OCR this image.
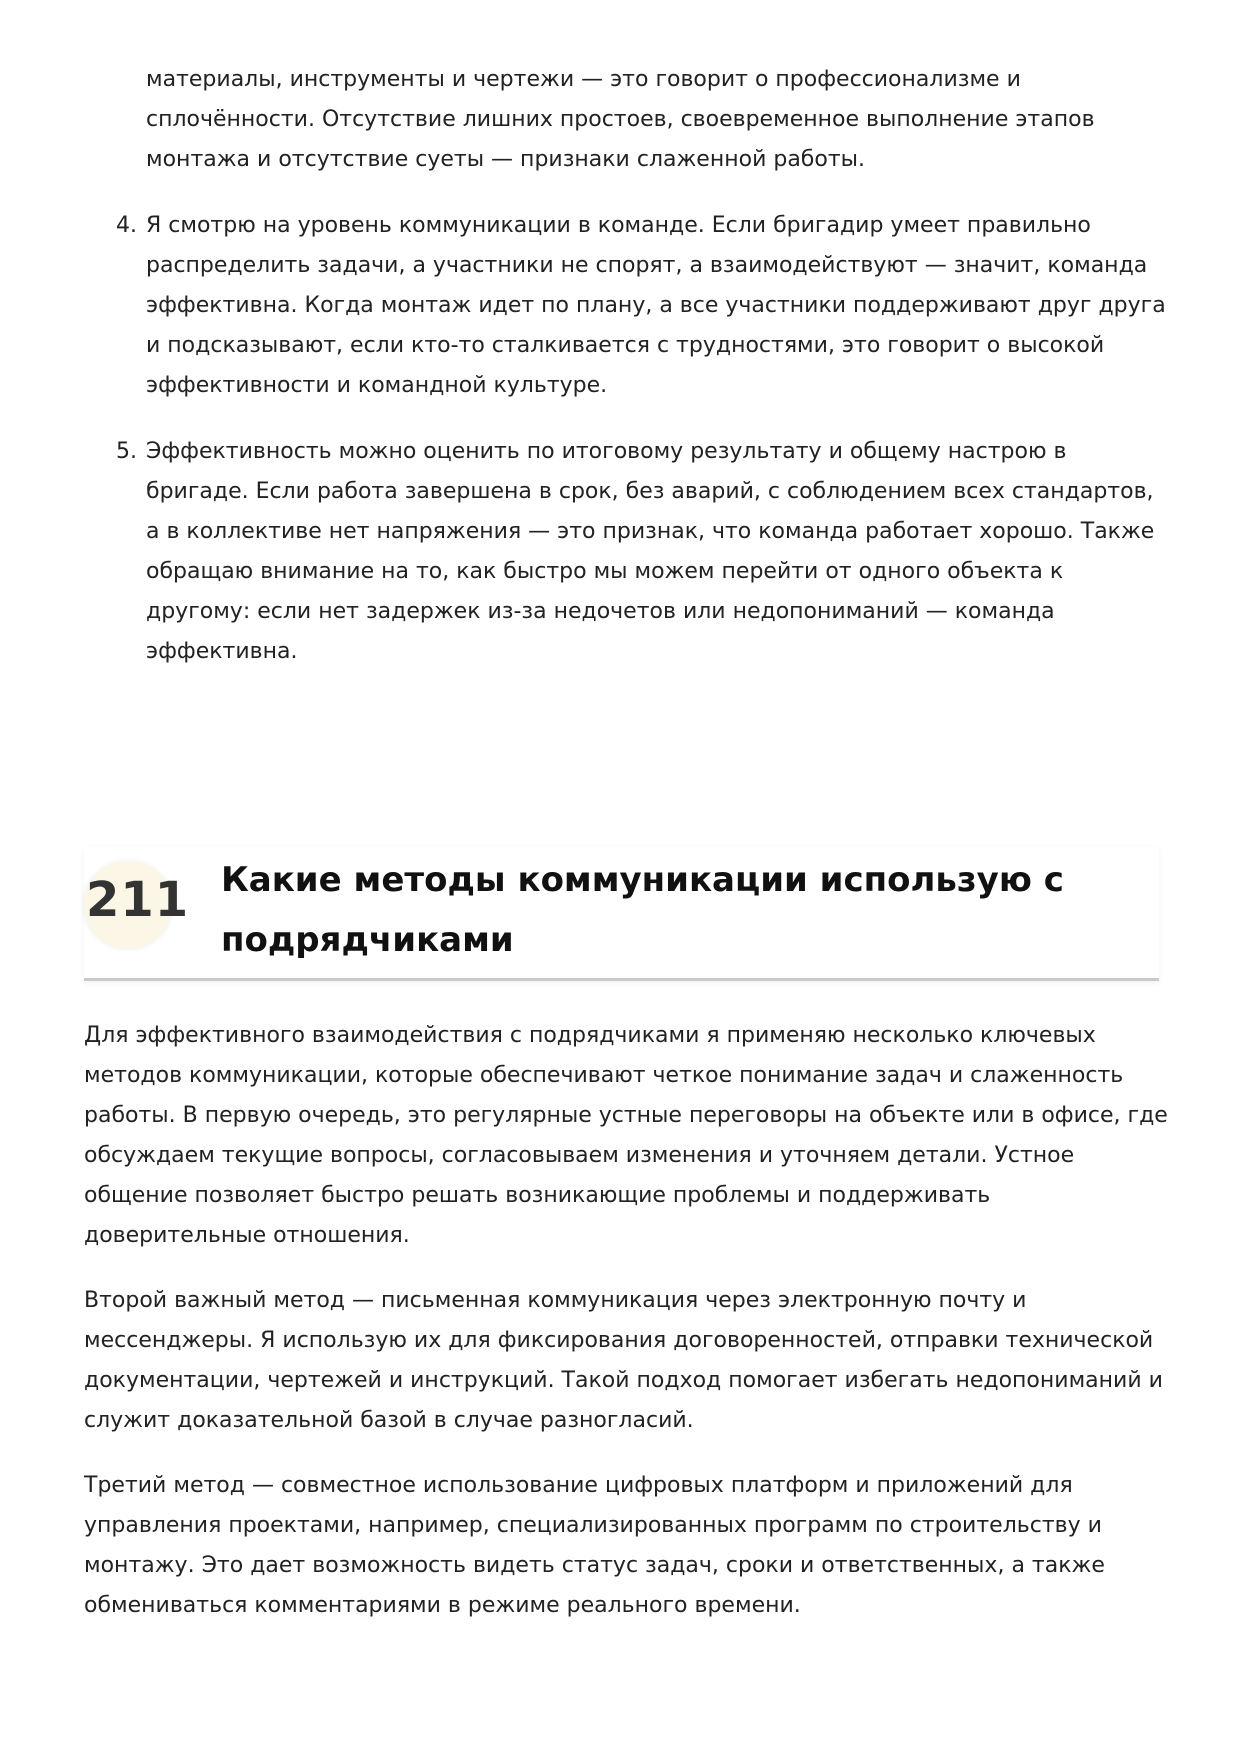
материалы, инструменты и чертежи — это говорит о профессионализме и сплочённости. Отсутствие лишних простоев, своевременное выполнение этапов монтажа и отсутствие суеты — признаки слаженной работы.
4. Я смотрю на уровень коммуникации в команде. Если бригадир умеет правильно распределить задачи, а участники не спорят, а взаимодействуют — значит, команда эффективна. Когда монтаж идет по плану, а все участники поддерживают друг друга и подсказывают, если кто-то сталкивается с трудностями, это говорит о высокой эффективности и командной культуре.
5. Эффективность можно оценить по итоговому результату и общему настрою в бригаде. Если работа завершена в срок, без аварий, с соблюдением всех стандартов, а в коллективе нет напряжения — это признак, что команда работает хорошо. Также обращаю внимание на то, как быстро мы можем перейти от одного объекта к другому: если нет задержек из-за недочетов или недопониманий — команда эффективна.
211 Какие методы коммуникации использую с подрядчиками

Для эффективного взаимодействия с подрядчиками я применяю несколько ключевых методов коммуникации, которые обеспечивают четкое понимание задач и слаженность работы. В первую очередь, это регулярные устные переговоры на объекте или в офисе, где обсуждаем текущие вопросы, согласовываем изменения и уточняем детали. Устное общение позволяет быстро решать возникающие проблемы и поддерживать доверительные отношения.

Второй важный метод — письменная коммуникация через электронную почту и мессенджеры. Я использую их для фиксирования договоренностей, отправки технической документации, чертежей и инструкций. Такой подход помогает избегать недопониманий и служит доказательной базой в случае разногласий.

Третий метод — совместное использование цифровых платформ и приложений для управления проектами, например, специализированных программ по строительству и монтажу. Это дает возможность видеть статус задач, сроки и ответственных, а также обмениваться комментариями в режиме реального времени.
